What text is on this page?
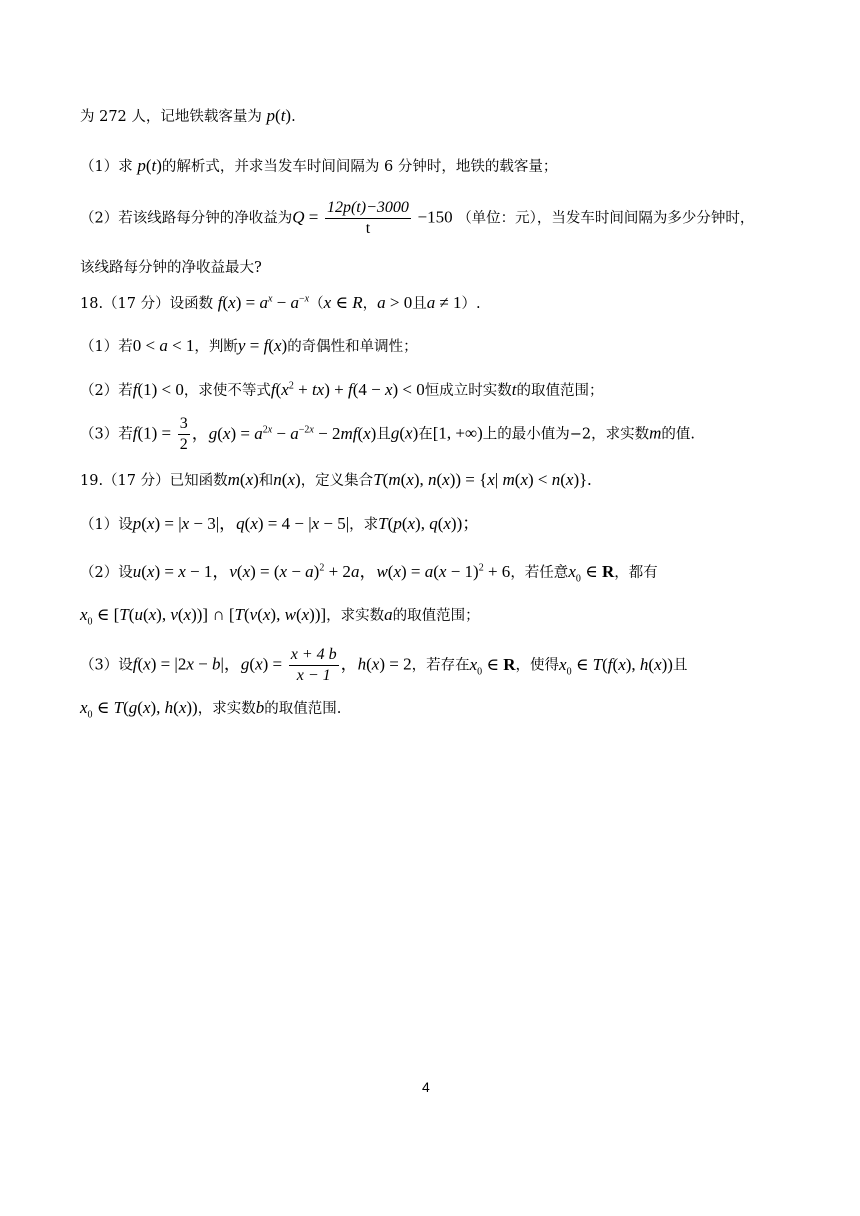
为 272 人，记地铁载客量为 p(t).
（1）求 p(t)的解析式，并求当发车时间间隔为 6 分钟时，地铁的载客量；
（2）若该线路每分钟的净收益为$Q = \frac{12p(t)-3000}{t} -150$ （单位：元），当发车时间间隔为多少分钟时，
该线路每分钟的净收益最大?
18.（17 分）设函数 $f(x) = a^x - a^{-x}(x$ ∈ R，a > 0且a ≠ 1）.
（1）若0 < a < 1，判断y = f(x)的奇偶性和单调性；
（2）若f(1) < 0，求使不等式$f(x^2 + tx) + f(4 - x) < 0$恒成立时实数t的取值范围；
（3）若$f(1) = \frac{3}{2}$ ，$g(x) = a^{2x} - a^{-2x} - 2mf(x)$且g(x)在[1, +∞)上的最小值为−2，求实数m的值.
19.（17 分）已知函数m(x)和n(x)，定义集合T(m(x), n(x)) = {x| m(x) < n(x)}.
（1）设p(x) = |x − 3|，q(x) = 4 − |x − 5|，求T(p(x), q(x))；
（2）设u(x) = x − 1，$v(x) = (x - a)^2 + 2a$，$w(x) = a(x - 1)^2 + 6$，若任意$x_0$ ∈ R，都有
$x_0$ ∈ [T(u(x), v(x))] ∩ [T(v(x), w(x))]，求实数a的取值范围；
（3）设f(x) = |2x − b|，$g(x) = \frac{x + 4 b}{x - 1}$ ，h(x) = 2，若存在$x_0$ ∈ R，使得$x_0$ ∈ T(f(x), h(x))且
$x_0$ ∈ T(g(x), h(x))，求实数b的取值范围.
4
